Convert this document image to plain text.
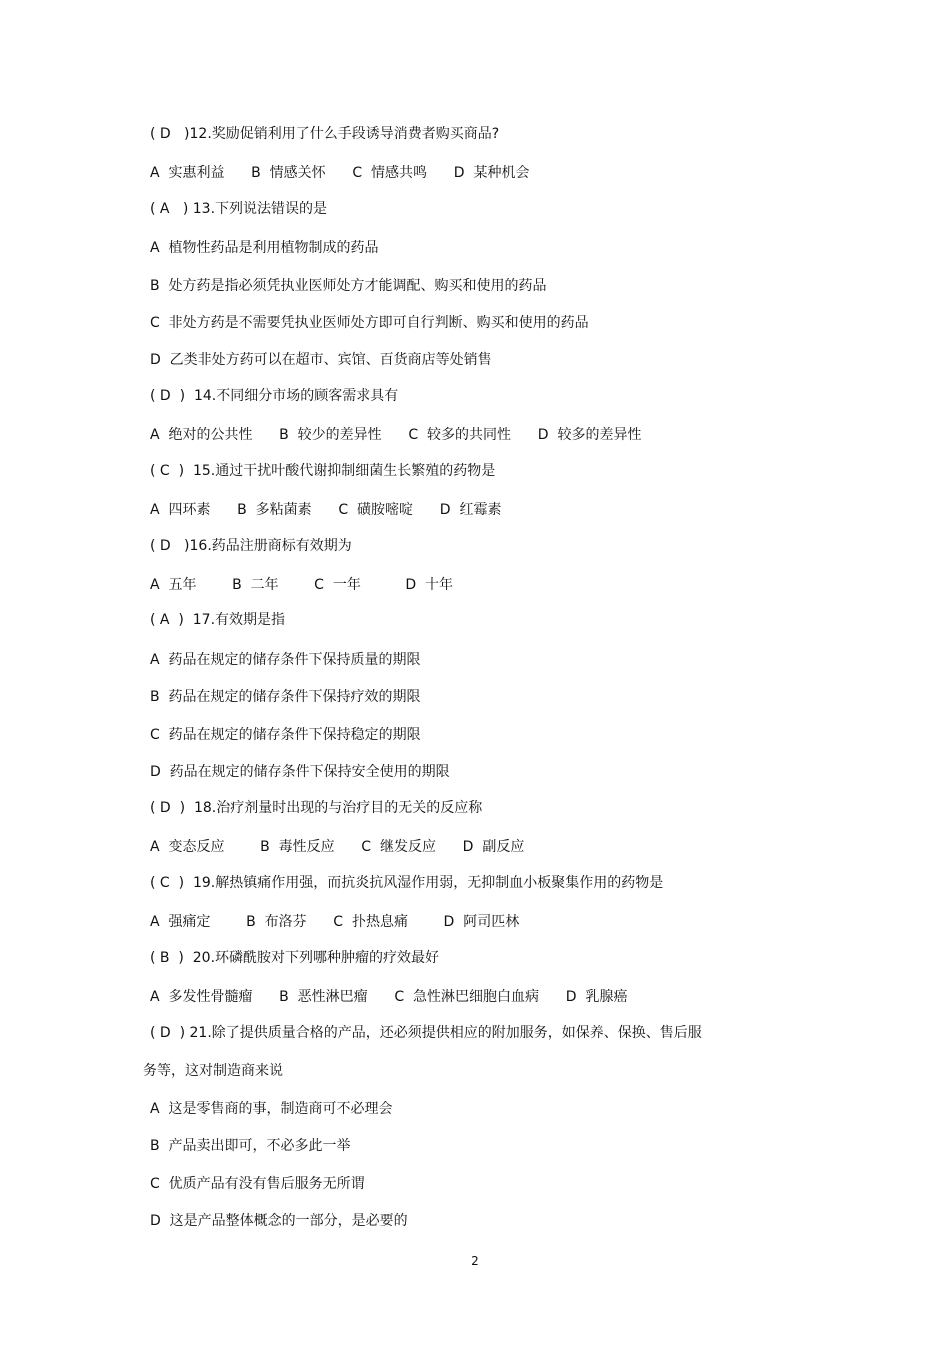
( D   )12.奖励促销利用了什么手段诱导消费者购买商品?
A  实惠利益      B  情感关怀      C  情感共鸣      D  某种机会
( A   ) 13.下列说法错误的是
A  植物性药品是利用植物制成的药品
B  处方药是指必须凭执业医师处方才能调配、购买和使用的药品
C  非处方药是不需要凭执业医师处方即可自行判断、购买和使用的药品
D  乙类非处方药可以在超市、宾馆、百货商店等处销售
( D  )  14.不同细分市场的顾客需求具有
A  绝对的公共性      B  较少的差异性      C  较多的共同性      D  较多的差异性
( C  )  15.通过干扰叶酸代谢抑制细菌生长繁殖的药物是
A  四环素      B  多粘菌素      C  磺胺嘧啶      D  红霉素
( D   )16.药品注册商标有效期为
A  五年        B  二年        C  一年          D  十年
( A  )  17.有效期是指
A  药品在规定的储存条件下保持质量的期限
B  药品在规定的储存条件下保持疗效的期限
C  药品在规定的储存条件下保持稳定的期限
D  药品在规定的储存条件下保持安全使用的期限
( D  )  18.治疗剂量时出现的与治疗目的无关的反应称
A  变态反应        B  毒性反应      C  继发反应      D  副反应
( C  )  19.解热镇痛作用强，而抗炎抗风湿作用弱，无抑制血小板聚集作用的药物是
A  强痛定        B  布洛芬      C  扑热息痛        D  阿司匹林
( B  )  20.环磷酰胺对下列哪种肿瘤的疗效最好
A  多发性骨髓瘤      B  恶性淋巴瘤      C  急性淋巴细胞白血病      D  乳腺癌
( D  ) 21.除了提供质量合格的产品，还必须提供相应的附加服务，如保养、保换、售后服
务等，这对制造商来说
A  这是零售商的事，制造商可不必理会
B  产品卖出即可，不必多此一举
C  优质产品有没有售后服务无所谓
D  这是产品整体概念的一部分，是必要的
2
